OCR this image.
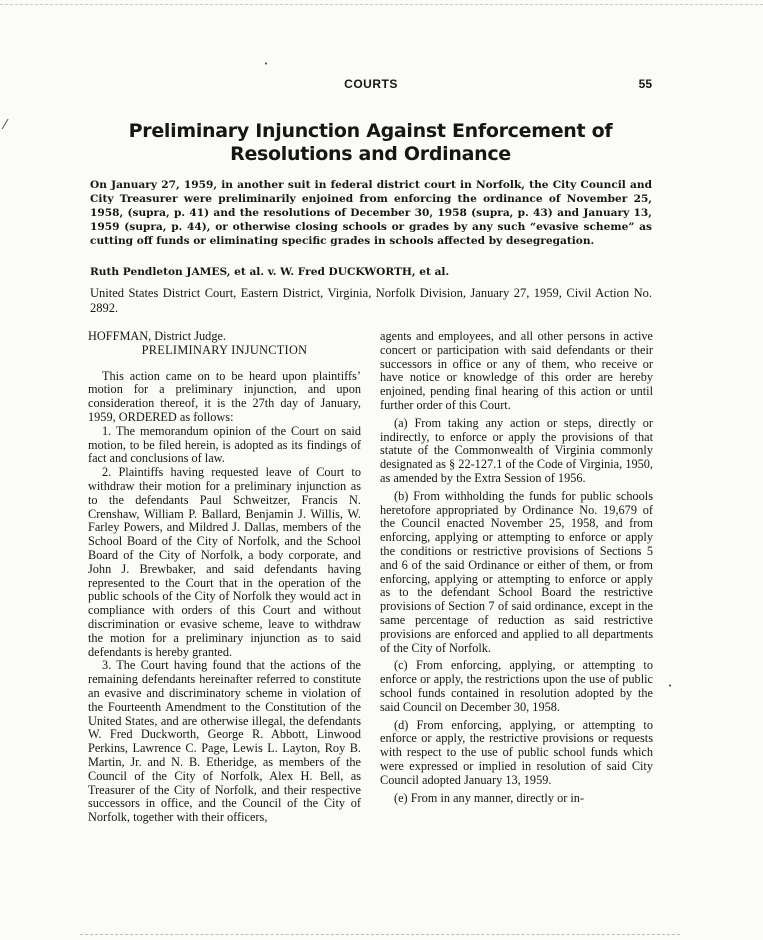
⁄
•
•
COURTS	55
Preliminary Injunction Against Enforcement of Resolutions and Ordinance

On January 27, 1959, in another suit in federal district court in Norfolk, the City Council and City Treasurer were preliminarily enjoined from enforcing the ordinance of November 25, 1958, (supra, p. 41) and the resolutions of December 30, 1958 (supra, p. 43) and January 13, 1959 (supra, p. 44), or otherwise closing schools or grades by any such “evasive scheme” as cutting off funds or eliminating specific grades in schools affected by desegregation.

Ruth Pendleton JAMES, et al. v. W. Fred DUCKWORTH, et al.

United States District Court, Eastern District, Virginia, Norfolk Division, January 27, 1959, Civil Action No. 2892.

HOFFMAN, District Judge.

PRELIMINARY INJUNCTION

This action came on to be heard upon plaintiffs’ motion for a preliminary injunction, and upon consideration thereof, it is the 27th day of January, 1959, ORDERED as follows:

1. The memorandum opinion of the Court on said motion, to be filed herein, is adopted as its findings of fact and conclusions of law.

2. Plaintiffs having requested leave of Court to withdraw their motion for a preliminary injunction as to the defendants Paul Schweitzer, Francis N. Crenshaw, William P. Ballard, Benjamin J. Willis, W. Farley Powers, and Mildred J. Dallas, members of the School Board of the City of Norfolk, and the School Board of the City of Norfolk, a body corporate, and John J. Brewbaker, and said defendants having represented to the Court that in the operation of the public schools of the City of Norfolk they would act in compliance with orders of this Court and without discrimination or evasive scheme, leave to withdraw the motion for a preliminary injunction as to said defendants is hereby granted.

3. The Court having found that the actions of the remaining defendants hereinafter referred to constitute an evasive and discriminatory scheme in violation of the Fourteenth Amendment to the Constitution of the United States, and are otherwise illegal, the defendants W. Fred Duckworth, George R. Abbott, Linwood Perkins, Lawrence C. Page, Lewis L. Layton, Roy B. Martin, Jr. and N. B. Etheridge, as members of the Council of the City of Norfolk, Alex H. Bell, as Treasurer of the City of Norfolk, and their respective successors in office, and the Council of the City of Norfolk, together with their officers,

agents and employees, and all other persons in active concert or participation with said defendants or their successors in office or any of them, who receive or have notice or knowledge of this order are hereby enjoined, pending final hearing of this action or until further order of this Court.

(a) From taking any action or steps, directly or indirectly, to enforce or apply the provisions of that statute of the Commonwealth of Virginia commonly designated as § 22-127.1 of the Code of Virginia, 1950, as amended by the Extra Session of 1956.

(b) From withholding the funds for public schools heretofore appropriated by Ordinance No. 19,679 of the Council enacted November 25, 1958, and from enforcing, applying or attempting to enforce or apply the conditions or restrictive provisions of Sections 5 and 6 of the said Ordinance or either of them, or from enforcing, applying or attempting to enforce or apply as to the defendant School Board the restrictive provisions of Section 7 of said ordinance, except in the same percentage of reduction as said restrictive provisions are enforced and applied to all departments of the City of Norfolk.

(c) From enforcing, applying, or attempting to enforce or apply, the restrictions upon the use of public school funds contained in resolution adopted by the said Council on December 30, 1958.

(d) From enforcing, applying, or attempting to enforce or apply, the restrictive provisions or requests with respect to the use of public school funds which were expressed or implied in resolution of said City Council adopted January 13, 1959.

(e) From in any manner, directly or in-
